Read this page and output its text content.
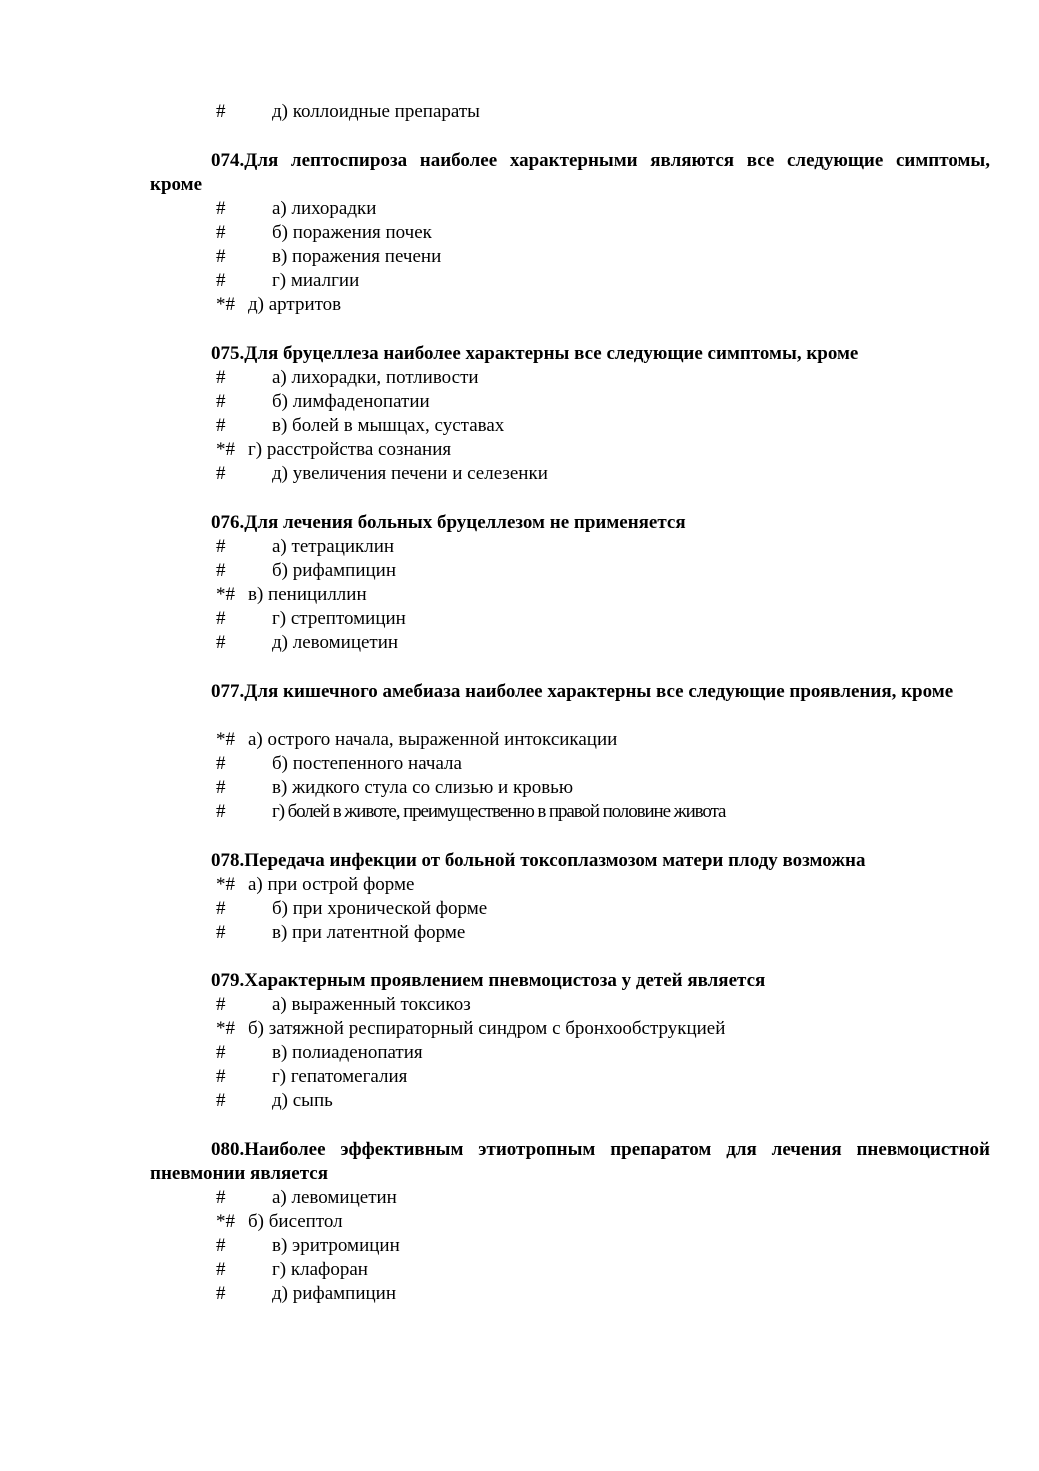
# д) коллоидные препараты
074.Для лептоспироза наиболее характерными являются все следующие симптомы, кроме
# а) лихорадки
# б) поражения почек
# в) поражения печени
# г) миалгии
*# д) артритов
075.Для бруцеллеза наиболее характерны все следующие симптомы, кроме
# а) лихорадки, потливости
# б) лимфаденопатии
# в) болей в мышцах, суставах
*# г) расстройства сознания
# д) увеличения печени и селезенки
076.Для лечения больных бруцеллезом не применяется
# а) тетрациклин
# б) рифампицин
*# в) пенициллин
# г) стрептомицин
# д) левомицетин
077.Для кишечного амебиаза наиболее характерны все следующие проявления, кроме
*# а) острого начала, выраженной интоксикации
# б) постепенного начала
# в) жидкого стула со слизью и кровью
# г) болей в животе, преимущественно в правой половине живота
078.Передача инфекции от больной токсоплазмозом матери плоду возможна
*# а) при острой форме
# б) при хронической форме
# в) при латентной форме
079.Характерным проявлением пневмоцистоза у детей является
# а) выраженный токсикоз
*# б) затяжной респираторный синдром с бронхообструкцией
# в) полиаденопатия
# г) гепатомегалия
# д) сыпь
080.Наиболее эффективным этиотропным препаратом для лечения пневмоцистной пневмонии является
# а) левомицетин
*# б) бисептол
# в) эритромицин
# г) клафоран
# д) рифампицин
